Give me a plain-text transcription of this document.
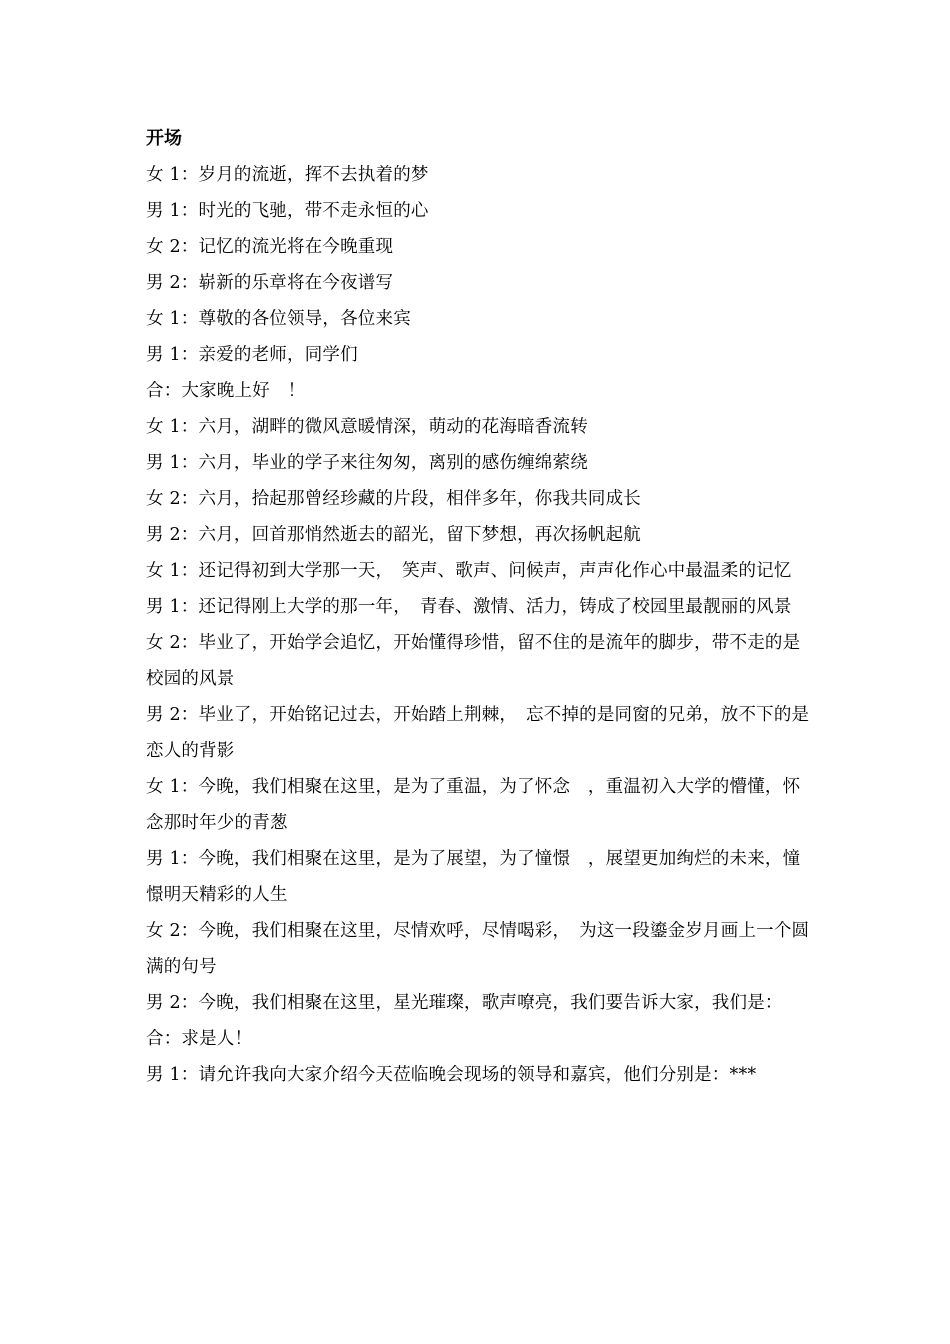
开场

女 1：岁月的流逝，挥不去执着的梦

男 1：时光的飞驰，带不走永恒的心

女 2：记忆的流光将在今晚重现

男 2：崭新的乐章将在今夜谱写

女 1：尊敬的各位领导，各位来宾

男 1：亲爱的老师，同学们

合：大家晚上好　！

女 1：六月，湖畔的微风意暖情深，萌动的花海暗香流转

男 1：六月，毕业的学子来往匆匆，离别的感伤缠绵萦绕

女 2：六月，拾起那曾经珍藏的片段，相伴多年，你我共同成长

男 2：六月，回首那悄然逝去的韶光，留下梦想，再次扬帆起航

女 1：还记得初到大学那一天，　笑声、歌声、问候声，声声化作心中最温柔的记忆

男 1：还记得刚上大学的那一年，　青春、激情、活力，铸成了校园里最靓丽的风景

女 2：毕业了，开始学会追忆，开始懂得珍惜，留不住的是流年的脚步，带不走的是校园的风景

男 2：毕业了，开始铭记过去，开始踏上荆棘，　忘不掉的是同窗的兄弟，放不下的是恋人的背影

女 1：今晚，我们相聚在这里，是为了重温，为了怀念　，重温初入大学的懵懂，怀念那时年少的青葱

男 1：今晚，我们相聚在这里，是为了展望，为了憧憬　，展望更加绚烂的未来，憧憬明天精彩的人生

女 2：今晚，我们相聚在这里，尽情欢呼，尽情喝彩，　为这一段鎏金岁月画上一个圆满的句号

男 2：今晚，我们相聚在这里，星光璀璨，歌声嘹亮，我们要告诉大家，我们是：

合：求是人！

男 1：请允许我向大家介绍今天莅临晚会现场的领导和嘉宾，他们分别是：***
